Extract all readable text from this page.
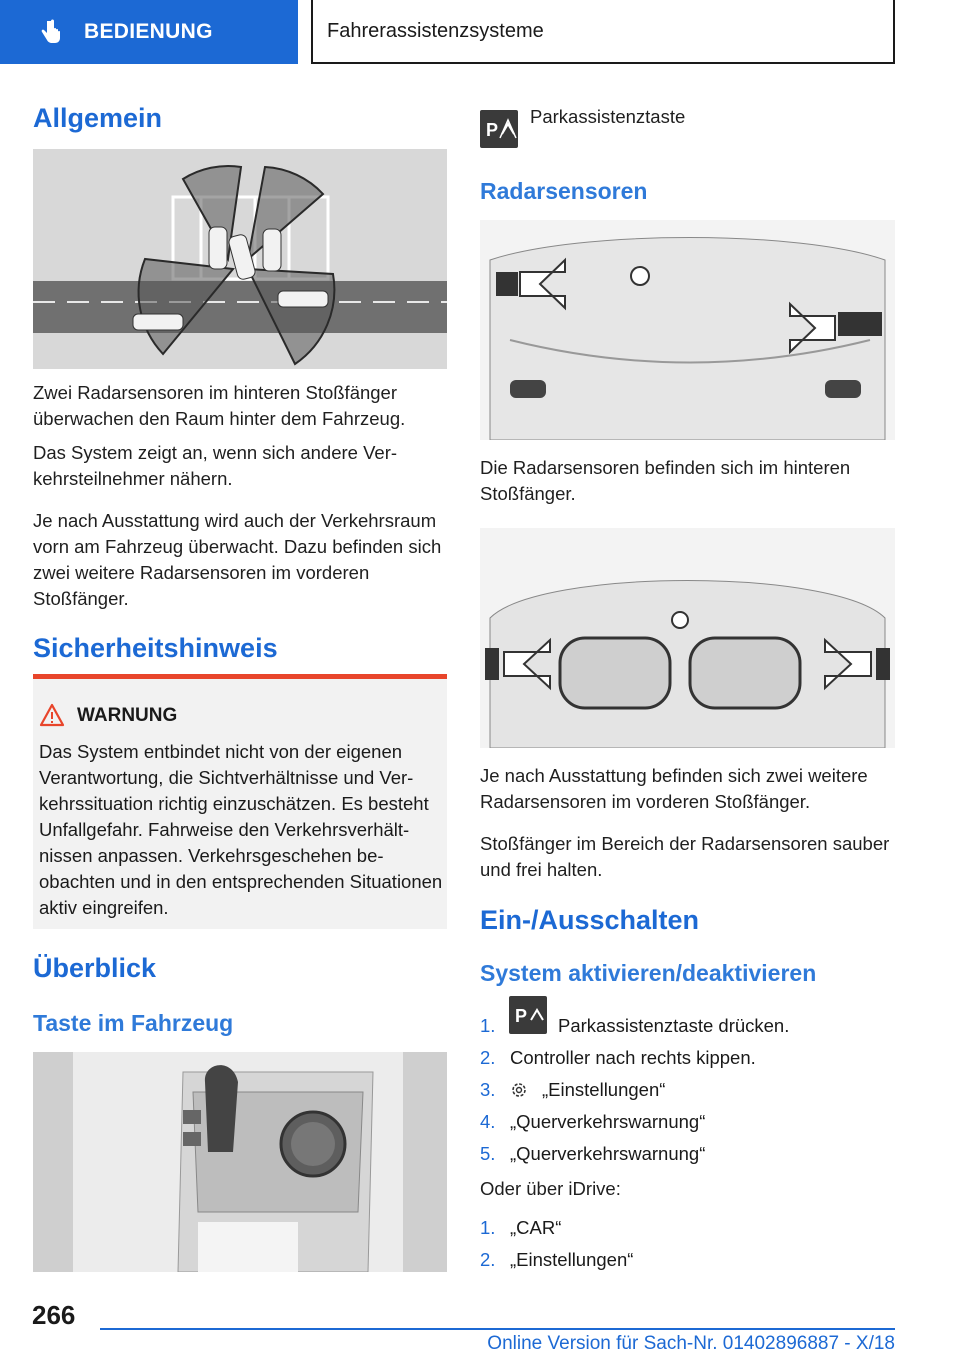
BEDIENUNG	Fahrerassistenzsysteme
Allgemein
Zwei Radarsensoren im hinteren Stoßfänger überwachen den Raum hinter dem Fahrzeug.
Das System zeigt an, wenn sich andere Verkehrsteilnehmer nähern.
Je nach Ausstattung wird auch der Verkehrsraum vorn am Fahrzeug überwacht. Dazu befinden sich zwei weitere Radarsensoren im vorderen Stoßfänger.
Sicherheitshinweis
WARNUNG
Das System entbindet nicht von der eigenen Verantwortung, die Sichtverhältnisse und Verkehrssituation richtig einzuschätzen. Es besteht Unfallgefahr. Fahrweise den Verkehrsverhältnissen anpassen. Verkehrsgeschehen beobachten und in den entsprechenden Situationen aktiv eingreifen.
Überblick
Taste im Fahrzeug
P
Parkassistenztaste
Radarsensoren
Die Radarsensoren befinden sich im hinteren Stoßfänger.
Je nach Ausstattung befinden sich zwei weitere Radarsensoren im vorderen Stoßfänger.
Stoßfänger im Bereich der Radarsensoren sauber und frei halten.
Ein-/Ausschalten
System aktivieren/deaktivieren
P
1.	Parkassistenztaste drücken.
2. Controller nach rechts kippen.
3.	„Einstellungen“
4. „Querverkehrswarnung“
5. „Querverkehrswarnung“
Oder über iDrive:
1. „CAR“
2. „Einstellungen“
266
Online Version für Sach-Nr. 01402896887 - X/18
